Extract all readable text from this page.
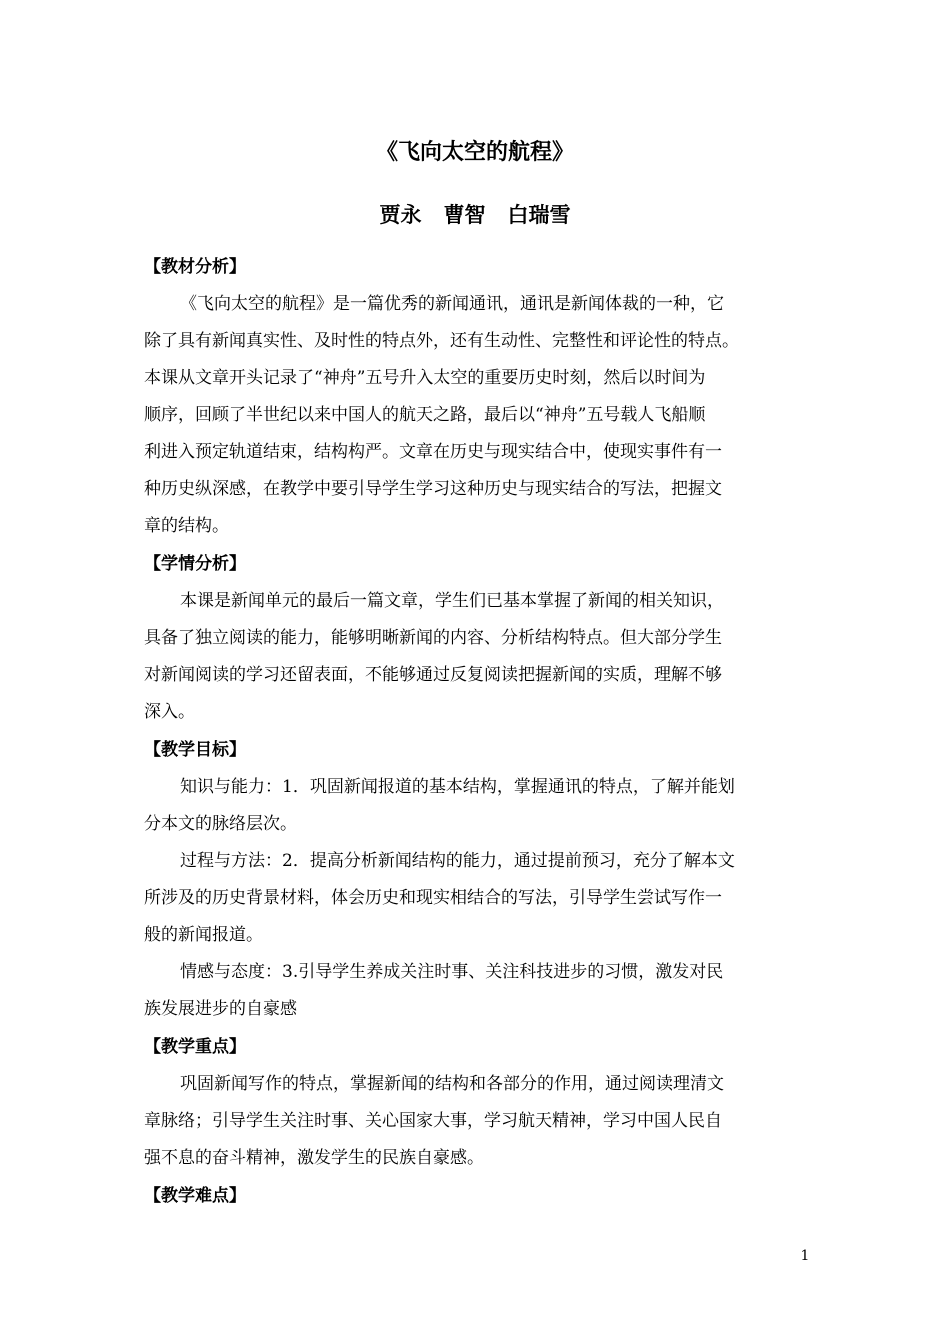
《飞向太空的航程》
贾永 曹智 白瑞雪
【教材分析】
《飞向太空的航程》是一篇优秀的新闻通讯，通讯是新闻体裁的一种，它
除了具有新闻真实性、及时性的特点外，还有生动性、完整性和评论性的特点。
本课从文章开头记录了“神舟”五号升入太空的重要历史时刻，然后以时间为
顺序，回顾了半世纪以来中国人的航天之路，最后以“神舟”五号载人飞船顺
利进入预定轨道结束，结构构严。文章在历史与现实结合中，使现实事件有一
种历史纵深感，在教学中要引导学生学习这种历史与现实结合的写法，把握文
章的结构。
【学情分析】
本课是新闻单元的最后一篇文章，学生们已基本掌握了新闻的相关知识，
具备了独立阅读的能力，能够明晰新闻的内容、分析结构特点。但大部分学生
对新闻阅读的学习还留表面，不能够通过反复阅读把握新闻的实质，理解不够
深入。
【教学目标】
知识与能力：1．巩固新闻报道的基本结构，掌握通讯的特点，了解并能划
分本文的脉络层次。
过程与方法：2．提高分析新闻结构的能力，通过提前预习，充分了解本文
所涉及的历史背景材料，体会历史和现实相结合的写法，引导学生尝试写作一
般的新闻报道。
情感与态度：3.引导学生养成关注时事、关注科技进步的习惯，激发对民
族发展进步的自豪感
【教学重点】
巩固新闻写作的特点，掌握新闻的结构和各部分的作用，通过阅读理清文
章脉络；引导学生关注时事、关心国家大事，学习航天精神，学习中国人民自
强不息的奋斗精神，激发学生的民族自豪感。
【教学难点】
1
